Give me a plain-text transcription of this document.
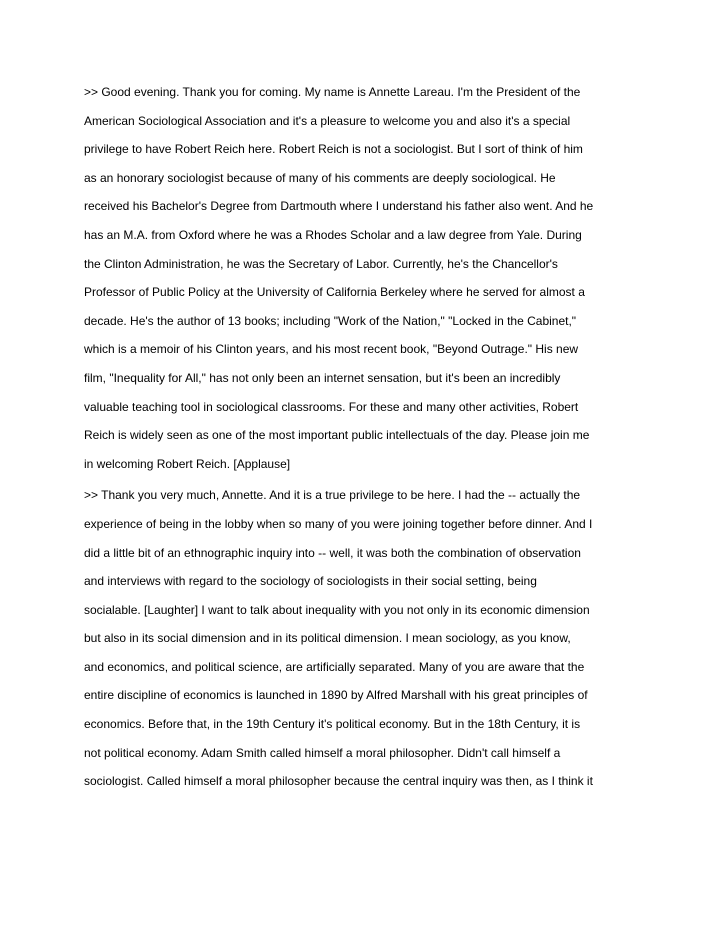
>> Good evening. Thank you for coming. My name is Annette Lareau. I'm the President of the
American Sociological Association and it's a pleasure to welcome you and also it's a special
privilege to have Robert Reich here. Robert Reich is not a sociologist. But I sort of think of him
as an honorary sociologist because of many of his comments are deeply sociological. He
received his Bachelor's Degree from Dartmouth where I understand his father also went. And he
has an M.A. from Oxford where he was a Rhodes Scholar and a law degree from Yale. During
the Clinton Administration, he was the Secretary of Labor. Currently, he's the Chancellor's
Professor of Public Policy at the University of California Berkeley where he served for almost a
decade. He's the author of 13 books; including "Work of the Nation," "Locked in the Cabinet,"
which is a memoir of his Clinton years, and his most recent book, "Beyond Outrage." His new
film, "Inequality for All," has not only been an internet sensation, but it's been an incredibly
valuable teaching tool in sociological classrooms. For these and many other activities, Robert
Reich is widely seen as one of the most important public intellectuals of the day. Please join me
in welcoming Robert Reich. [Applause]
>> Thank you very much, Annette. And it is a true privilege to be here. I had the -- actually the
experience of being in the lobby when so many of you were joining together before dinner. And I
did a little bit of an ethnographic inquiry into -- well, it was both the combination of observation
and interviews with regard to the sociology of sociologists in their social setting, being
socialable. [Laughter] I want to talk about inequality with you not only in its economic dimension
but also in its social dimension and in its political dimension. I mean sociology, as you know,
and economics, and political science, are artificially separated. Many of you are aware that the
entire discipline of economics is launched in 1890 by Alfred Marshall with his great principles of
economics. Before that, in the 19th Century it's political economy. But in the 18th Century, it is
not political economy. Adam Smith called himself a moral philosopher. Didn't call himself a
sociologist. Called himself a moral philosopher because the central inquiry was then, as I think it
